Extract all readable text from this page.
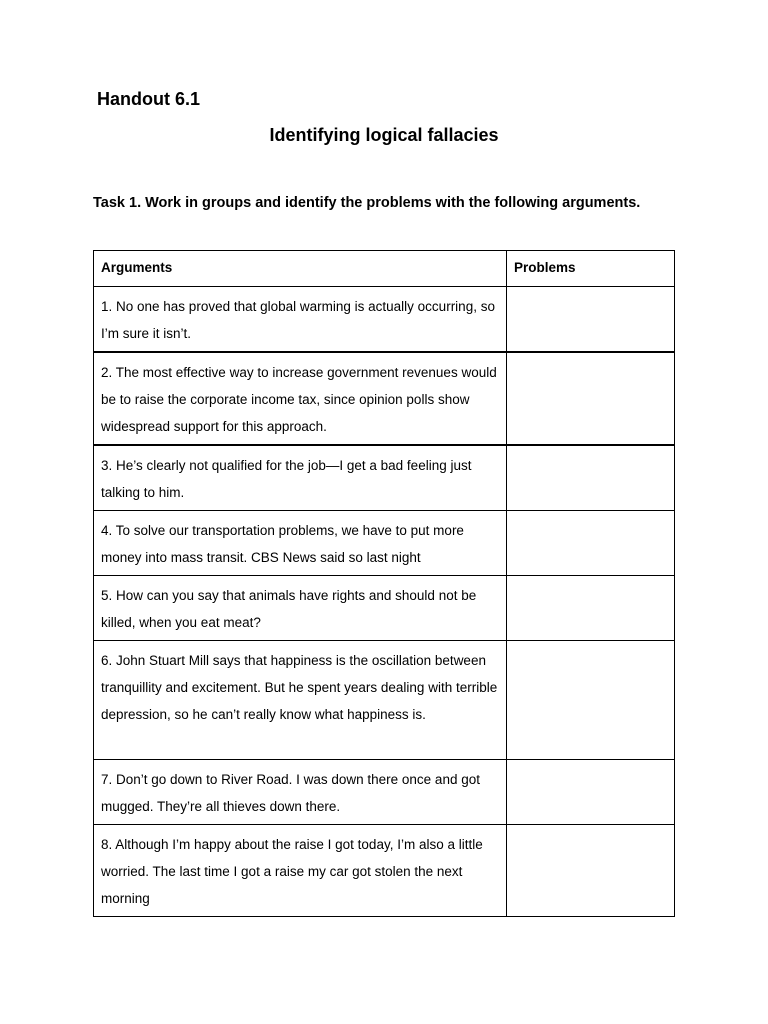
Handout 6.1
Identifying logical fallacies

Task 1. Work in groups and identify the problems with the following arguments.

Arguments	Problems
1. No one has proved that global warming is actually occurring, so I’m sure it isn’t.	
2. The most effective way to increase government revenues would be to raise the corporate income tax, since opinion polls show widespread support for this approach.	
3. He’s clearly not qualified for the job—I get a bad feeling just talking to him.	
4. To solve our transportation problems, we have to put more money into mass transit. CBS News said so last night	
5. How can you say that animals have rights and should not be killed, when you eat meat?	
6. John Stuart Mill says that happiness is the oscillation between tranquillity and excitement. But he spent years dealing with terrible depression, so he can’t really know what happiness is.	
7. Don’t go down to River Road. I was down there once and got mugged. They’re all thieves down there.	
8. Although I’m happy about the raise I got today, I’m also a little worried. The last time I got a raise my car got stolen the next morning	
